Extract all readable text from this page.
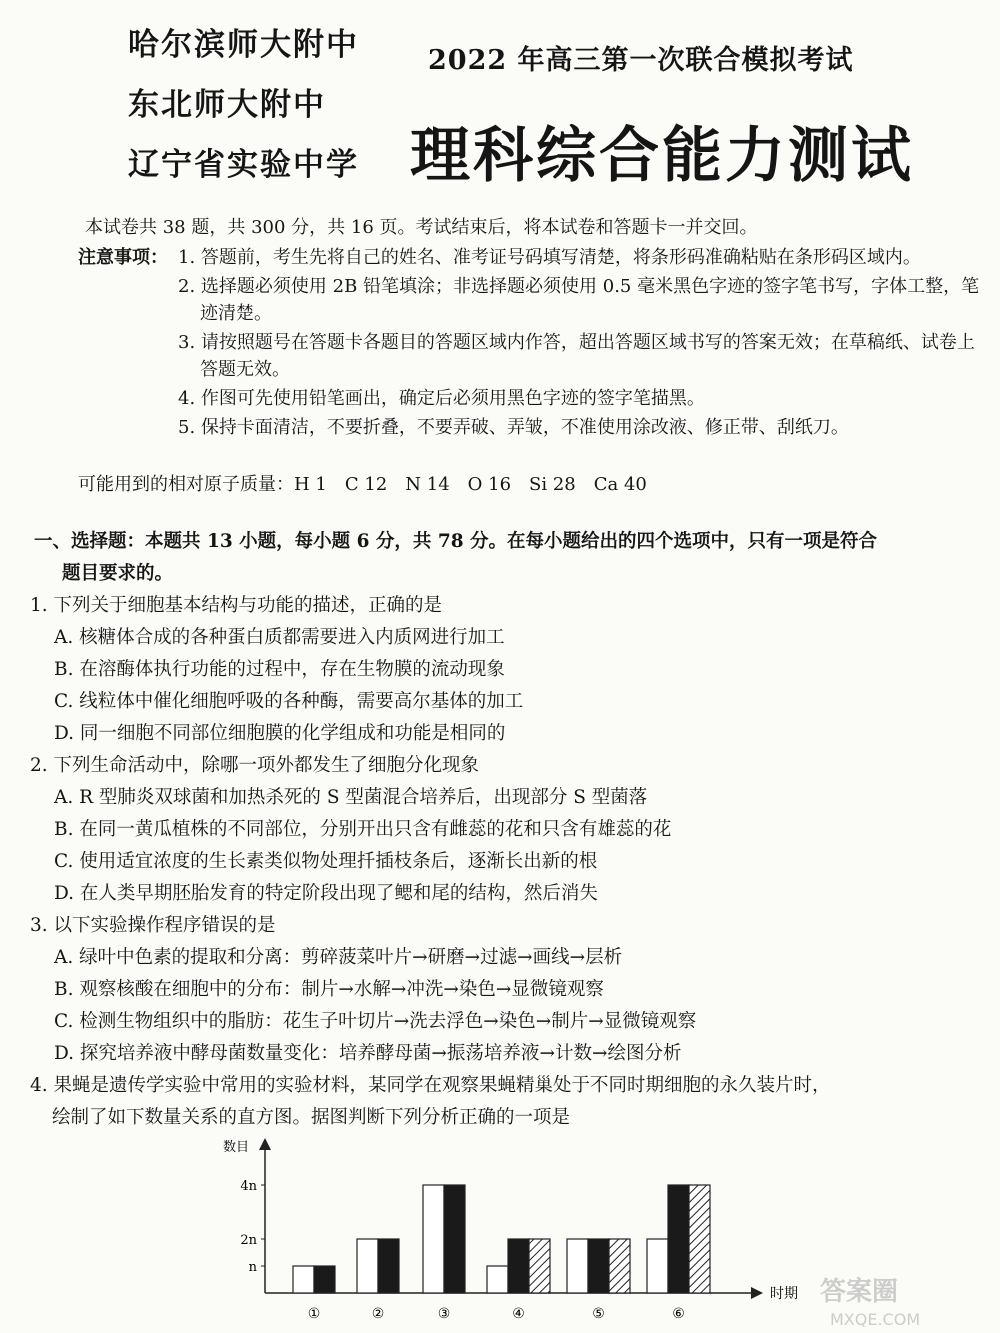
哈尔滨师大附中
东北师大附中
辽宁省实验中学
2022 年高三第一次联合模拟考试
理科综合能力测试
本试卷共 38 题，共 300 分，共 16 页。考试结束后，将本试卷和答题卡一并交回。
注意事项： 1. 答题前，考生先将自己的姓名、准考证号码填写清楚，将条形码准确粘贴在条形码区域内。
2. 选择题必须使用 2B 铅笔填涂；非选择题必须使用 0.5 毫米黑色字迹的签字笔书写，字体工整，笔迹清楚。
3. 请按照题号在答题卡各题目的答题区域内作答，超出答题区域书写的答案无效；在草稿纸、试卷上答题无效。
4. 作图可先使用铅笔画出，确定后必须用黑色字迹的签字笔描黑。
5. 保持卡面清洁，不要折叠，不要弄破、弄皱，不准使用涂改液、修正带、刮纸刀。
可能用到的相对原子质量：H 1　C 12　N 14　O 16　Si 28　Ca 40
一、选择题：本题共 13 小题，每小题 6 分，共 78 分。在每小题给出的四个选项中，只有一项是符合
题目要求的。
1. 下列关于细胞基本结构与功能的描述，正确的是
A. 核糖体合成的各种蛋白质都需要进入内质网进行加工
B. 在溶酶体执行功能的过程中，存在生物膜的流动现象
C. 线粒体中催化细胞呼吸的各种酶，需要高尔基体的加工
D. 同一细胞不同部位细胞膜的化学组成和功能是相同的
2. 下列生命活动中，除哪一项外都发生了细胞分化现象
A. R 型肺炎双球菌和加热杀死的 S 型菌混合培养后，出现部分 S 型菌落
B. 在同一黄瓜植株的不同部位，分别开出只含有雌蕊的花和只含有雄蕊的花
C. 使用适宜浓度的生长素类似物处理扦插枝条后，逐渐长出新的根
D. 在人类早期胚胎发育的特定阶段出现了鳃和尾的结构，然后消失
3. 以下实验操作程序错误的是
A. 绿叶中色素的提取和分离：剪碎菠菜叶片→研磨→过滤→画线→层析
B. 观察核酸在细胞中的分布：制片→水解→冲洗→染色→显微镜观察
C. 检测生物组织中的脂肪：花生子叶切片→洗去浮色→染色→制片→显微镜观察
D. 探究培养液中酵母菌数量变化：培养酵母菌→振荡培养液→计数→绘图分析
4. 果蝇是遗传学实验中常用的实验材料，某同学在观察果蝇精巢处于不同时期细胞的永久装片时，
绘制了如下数量关系的直方图。据图判断下列分析正确的一项是
数目
时期
n
2n
4n
①	②	③	④	⑤	⑥
答案圈
MXQE.COM
